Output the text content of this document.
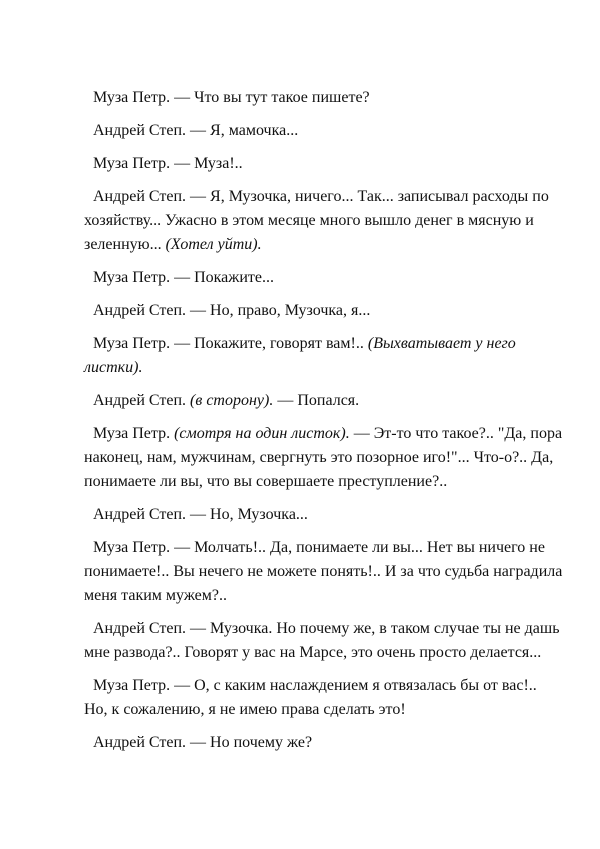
Муза Петр. — Что вы тут такое пишете?

Андрей Степ. — Я, мамочка...

Муза Петр. — Муза!..

Андрей Степ. — Я, Музочка, ничего... Так... записывал расходы по хозяйству... Ужасно в этом месяце много вышло денег в мясную и зеленную... (Хотел уйти).

Муза Петр. — Покажите...

Андрей Степ. — Но, право, Музочка, я...

Муза Петр. — Покажите, говорят вам!.. (Выхватывает у него листки).

Андрей Степ. (в сторону). — Попался.

Муза Петр. (смотря на один листок). — Эт-то что такое?.. "Да, пора наконец, нам, мужчинам, свергнуть это позорное иго!"... Что-о?.. Да, понимаете ли вы, что вы совершаете преступление?..

Андрей Степ. — Но, Музочка...

Муза Петр. — Молчать!.. Да, понимаете ли вы... Нет вы ничего не понимаете!.. Вы нечего не можете понять!.. И за что судьба наградила меня таким мужем?..

Андрей Степ. — Музочка. Но почему же, в таком случае ты не дашь мне развода?.. Говорят у вас на Марсе, это очень просто делается...

Муза Петр. — О, с каким наслаждением я отвязалась бы от вас!.. Но, к сожалению, я не имею права сделать это!

Андрей Степ. — Но почему же?
